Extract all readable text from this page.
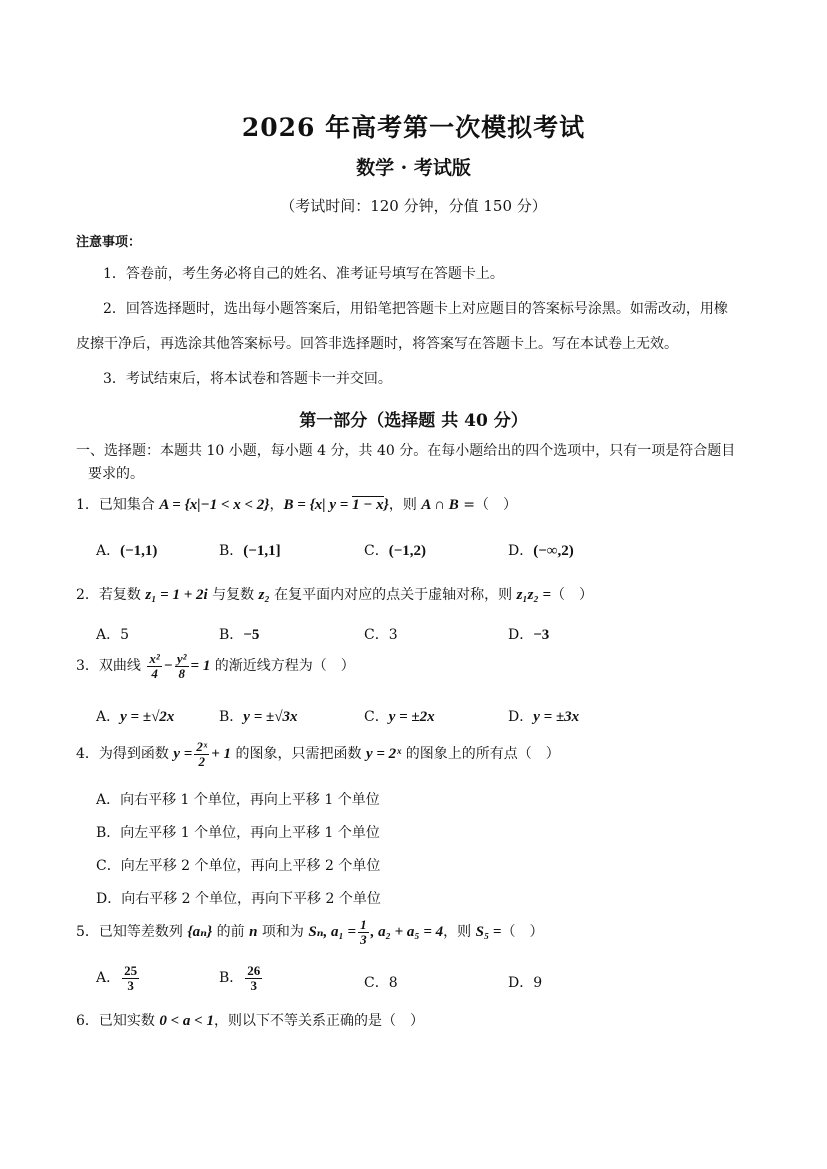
2026 年高考第一次模拟考试
数学 · 考试版
（考试时间：120 分钟，分值 150 分）
注意事项：
1．答卷前，考生务必将自己的姓名、准考证号填写在答题卡上。
2．回答选择题时，选出每小题答案后，用铅笔把答题卡上对应题目的答案标号涂黑。如需改动，用橡
皮擦干净后，再选涂其他答案标号。回答非选择题时，将答案写在答题卡上。写在本试卷上无效。
3．考试结束后，将本试卷和答题卡一并交回。
第一部分（选择题 共 40 分）
一、选择题：本题共 10 小题，每小题 4 分，共 40 分。在每小题给出的四个选项中，只有一项是符合题目
要求的。
1．已知集合 A = {x|−1 < x < 2}，B = {x| y = 1 − x}，则 A ∩ B =（　）
A．(−1,1)	B．(−1,1]	C．(−1,2)	D．(−∞,2)
2．若复数 z₁ = 1 + 2i 与复数 z₂ 在复平面内对应的点关于虚轴对称，则 z₁z₂ =（　）
A．5	B．−5	C．3	D．−3
3．双曲线 $\frac{\text{x²}}{4} - \frac{\text{y²}}{8} = 1$ 的渐近线方程为（　）
A．y = ±√2x	B．y = ±√3x	C．y = ±2x	D．y = ±3x
4．为得到函数 $y = \frac{\text{2ˣ}}{2} + 1$ 的图象，只需把函数 y = 2ˣ 的图象上的所有点（　）
A．向右平移 1 个单位，再向上平移 1 个单位
B．向左平移 1 个单位，再向上平移 1 个单位
C．向左平移 2 个单位，再向上平移 2 个单位
D．向右平移 2 个单位，再向下平移 2 个单位
5．已知等差数列 {aₙ} 的前 n 项和为 Sₙ, $a_1 = \frac{1}{3}$ , a₂ + a₅ = 4，则 S₅ =（　）
A． $\frac{25}{3}$	B． $\frac{26}{3}$	C．8	D．9
6．已知实数 0 < a < 1，则以下不等关系正确的是（　）
